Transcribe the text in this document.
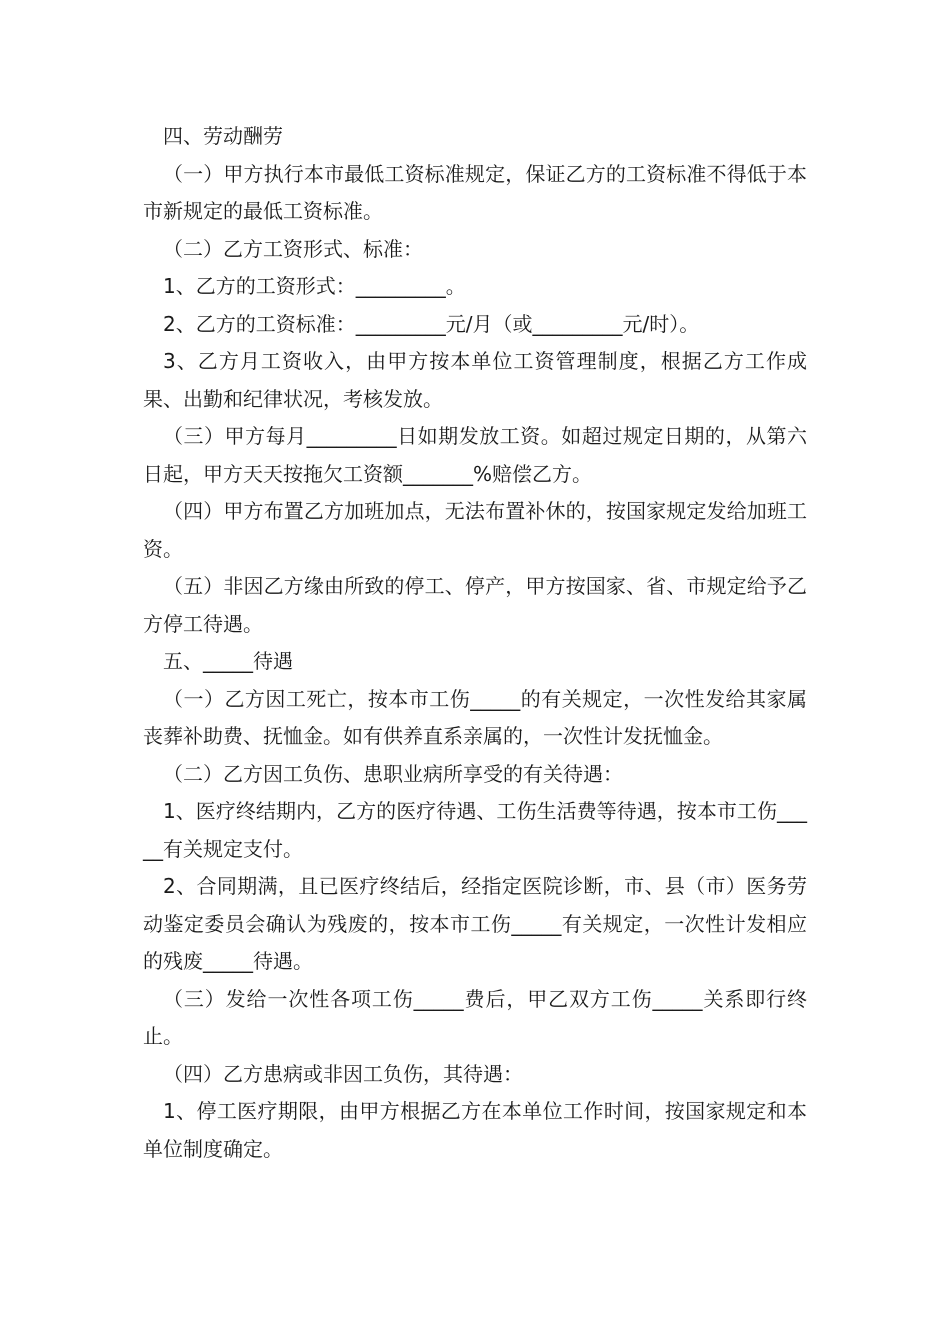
四、劳动酬劳

（一）甲方执行本市最低工资标准规定，保证乙方的工资标准不得低于本市新规定的最低工资标准。

（二）乙方工资形式、标准：

1、乙方的工资形式：_________。

2、乙方的工资标准：_________元/月（或_________元/时）。

3、乙方月工资收入，由甲方按本单位工资管理制度，根据乙方工作成果、出勤和纪律状况，考核发放。

（三）甲方每月_________日如期发放工资。如超过规定日期的，从第六日起，甲方天天按拖欠工资额_______%赔偿乙方。

（四）甲方布置乙方加班加点，无法布置补休的，按国家规定发给加班工资。

（五）非因乙方缘由所致的停工、停产，甲方按国家、省、市规定给予乙方停工待遇。

五、_____待遇

（一）乙方因工死亡，按本市工伤_____的有关规定，一次性发给其家属丧葬补助费、抚恤金。如有供养直系亲属的，一次性计发抚恤金。

（二）乙方因工负伤、患职业病所享受的有关待遇：

1、医疗终结期内，乙方的医疗待遇、工伤生活费等待遇，按本市工伤_____有关规定支付。

2、合同期满，且已医疗终结后，经指定医院诊断，市、县（市）医务劳动鉴定委员会确认为残废的，按本市工伤_____有关规定，一次性计发相应的残废_____待遇。

（三）发给一次性各项工伤_____费后，甲乙双方工伤_____关系即行终止。

（四）乙方患病或非因工负伤，其待遇：

1、停工医疗期限，由甲方根据乙方在本单位工作时间，按国家规定和本单位制度确定。
